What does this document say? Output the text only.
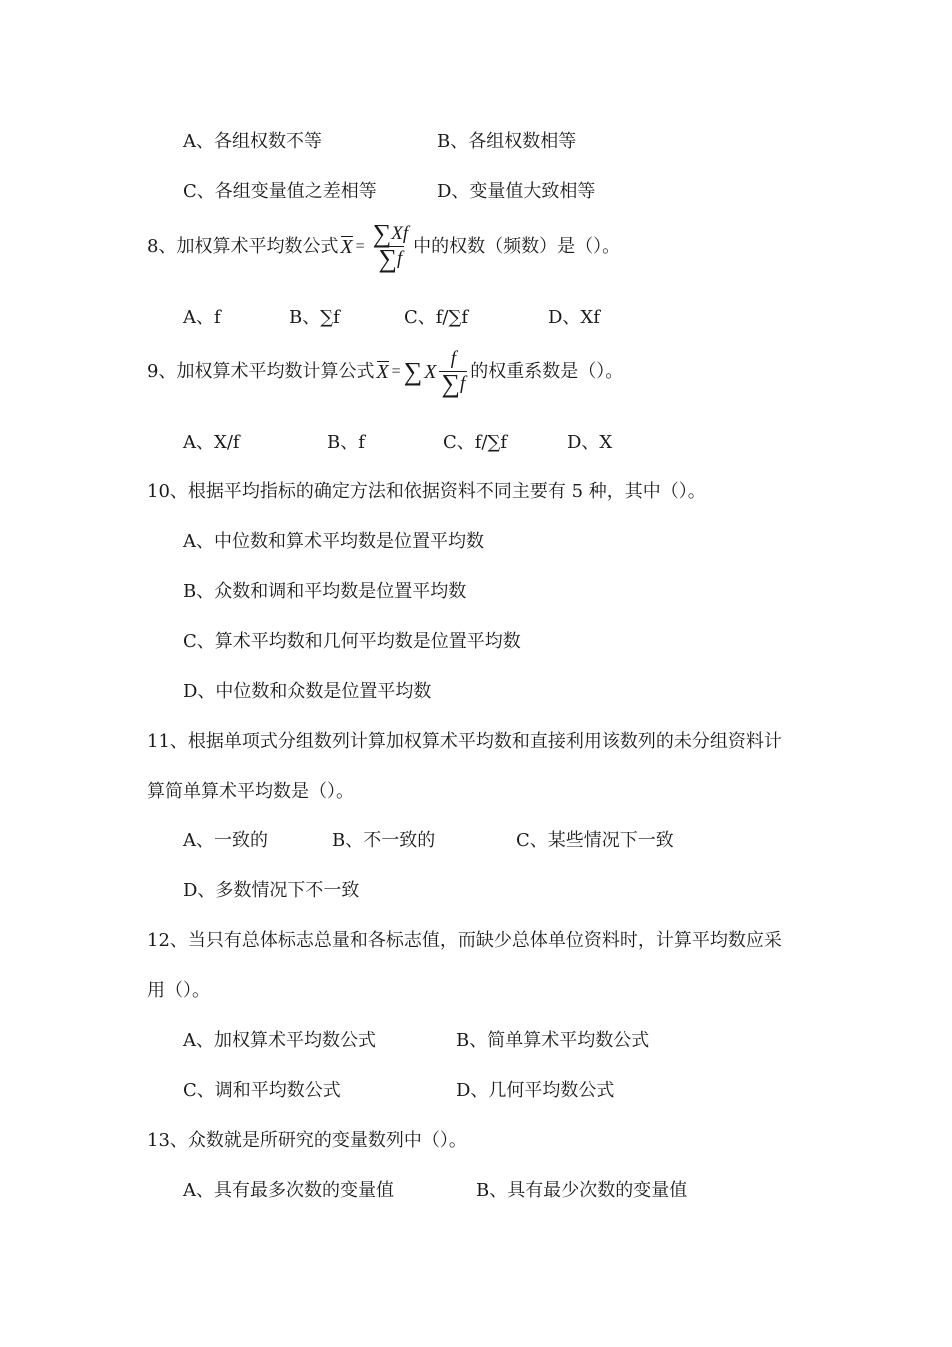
A、各组权数不等	B、各组权数相等
C、各组变量值之差相等	D、变量值大致相等
8、加权算术平均数公式 $X = \frac{\sum Xf}{\sum f}$ 中的权数（频数）是（）。
A、f	B、∑f	C、f/∑f	D、Xf
9、加权算术平均数计算公式 X = ∑ X $\frac{f}{\sum f}$ 的权重系数是（）。
A、X/f	B、f	C、f/∑f	D、X
10、根据平均指标的确定方法和依据资料不同主要有 5 种，其中（）。
A、中位数和算术平均数是位置平均数
B、众数和调和平均数是位置平均数
C、算术平均数和几何平均数是位置平均数
D、中位数和众数是位置平均数
11、根据单项式分组数列计算加权算术平均数和直接利用该数列的未分组资料计
算简单算术平均数是（）。
A、一致的	B、不一致的	C、某些情况下一致
D、多数情况下不一致
12、当只有总体标志总量和各标志值，而缺少总体单位资料时，计算平均数应采
用（）。
A、加权算术平均数公式	B、简单算术平均数公式
C、调和平均数公式	D、几何平均数公式
13、众数就是所研究的变量数列中（）。
A、具有最多次数的变量值	B、具有最少次数的变量值
